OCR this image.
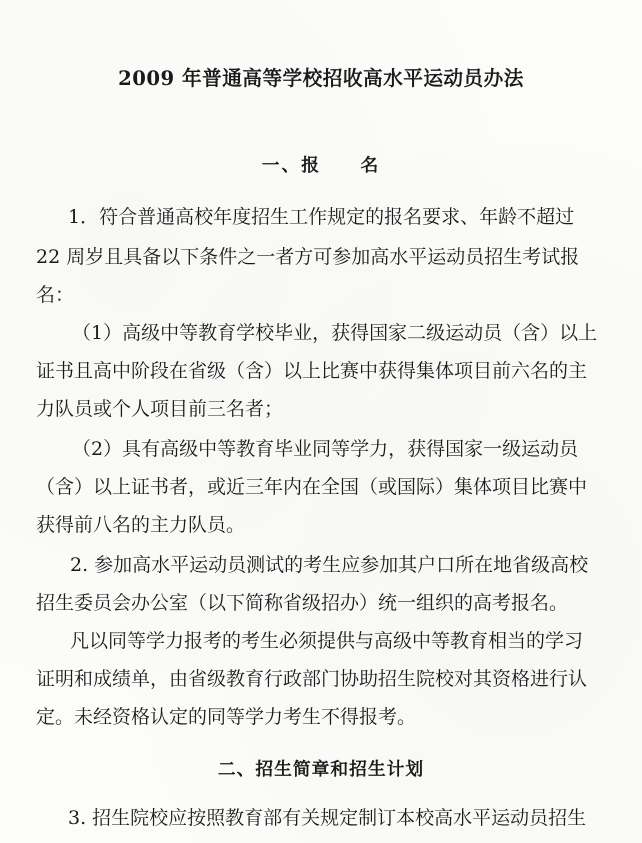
2009 年普通高等学校招收高水平运动员办法
一、报　　名
1．符合普通高校年度招生工作规定的报名要求、年龄不超过
22 周岁且具备以下条件之一者方可参加高水平运动员招生考试报
名：
（1）高级中等教育学校毕业，获得国家二级运动员（含）以上
证书且高中阶段在省级（含）以上比赛中获得集体项目前六名的主
力队员或个人项目前三名者；
（2）具有高级中等教育毕业同等学力，获得国家一级运动员
（含）以上证书者，或近三年内在全国（或国际）集体项目比赛中
获得前八名的主力队员。
2. 参加高水平运动员测试的考生应参加其户口所在地省级高校
招生委员会办公室（以下简称省级招办）统一组织的高考报名。
凡以同等学力报考的考生必须提供与高级中等教育相当的学习
证明和成绩单，由省级教育行政部门协助招生院校对其资格进行认
定。未经资格认定的同等学力考生不得报考。
二、招生简章和招生计划
3. 招生院校应按照教育部有关规定制订本校高水平运动员招生
